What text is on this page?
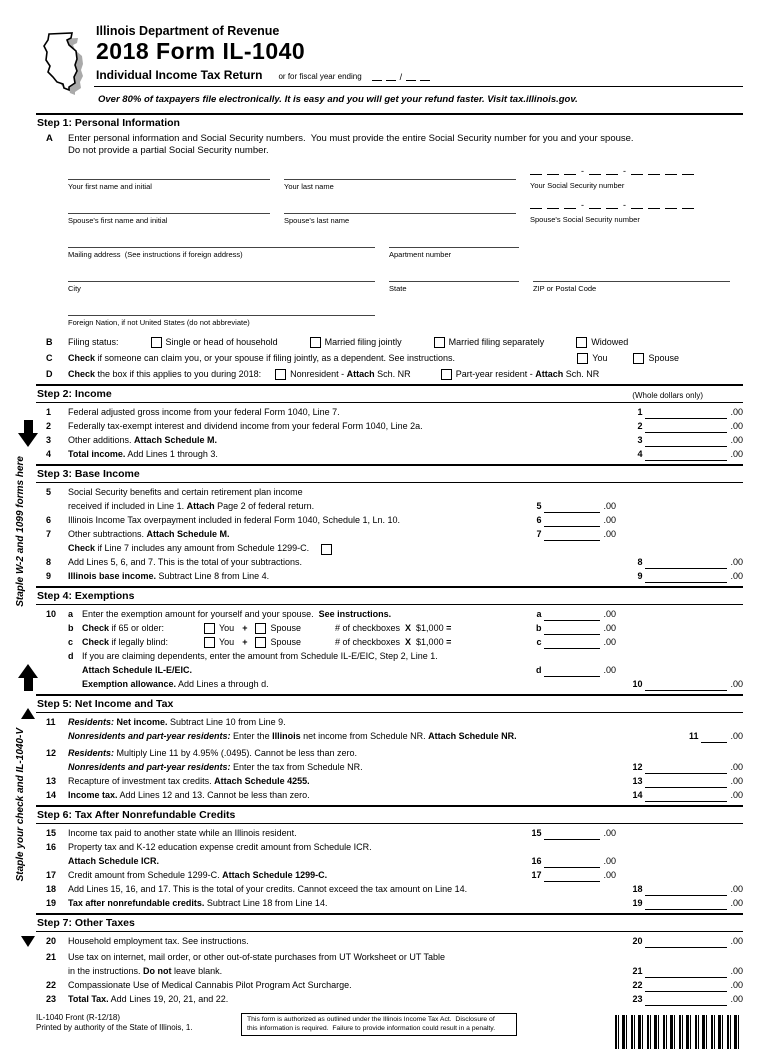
Staple W-2 and 1099 forms here
Staple your check and IL-1040-V
Illinois Department of Revenue
2018 Form IL-1040
Individual Income Tax Return or for fiscal year ending	/
Over 80% of taxpayers file electronically. It is easy and you will get your refund faster. Visit tax.illinois.gov.
Step 1: Personal Information
A	Enter personal information and Social Security numbers.  You must provide the entire Social Security number for you and your spouse.
Do not provide a partial Social Security number.
Your first name and initial	Your last name
-	-
Your Social Security number
Spouse's first name and initial	Spouse's last name
-	-
Spouse's Social Security number
Mailing address  (See instructions if foreign address)	Apartment number
City	State	ZIP or Postal Code
Foreign Nation, if not United States (do not abbreviate)
B	Filing status:	Single or head of household	Married filing jointly	Married filing separately	Widowed
C	Check if someone can claim you, or your spouse if filing jointly, as a dependent. See instructions.	You	Spouse
D	Check the box if this applies to you during 2018:	Nonresident - Attach Sch. NR	Part-year resident - Attach Sch. NR
Step 2: Income	(Whole dollars only)
1	Federal adjusted gross income from your federal Form 1040, Line 7.	1	.00
2	Federally tax-exempt interest and dividend income from your federal Form 1040, Line 2a.	2	.00
3	Other additions. Attach Schedule M.	3	.00
4	Total income. Add Lines 1 through 3.	4	.00
Step 3: Base Income
5	Social Security benefits and certain retirement plan income
received if included in Line 1. Attach Page 2 of federal return.	5	.00
6	Illinois Income Tax overpayment included in federal Form 1040, Schedule 1, Ln. 10.	6	.00
7	Other subtractions. Attach Schedule M.	7	.00
Check if Line 7 includes any amount from Schedule 1299-C.
8	Add Lines 5, 6, and 7. This is the total of your subtractions.	8	.00
9	Illinois base income. Subtract Line 8 from Line 4.	9	.00
Step 4: Exemptions
10	a Enter the exemption amount for yourself and your spouse.  See instructions.	a	.00
b Check if 65 or older:	You +	Spouse	# of checkboxes  X  $1,000 =	b	.00
c Check if legally blind:	You +	Spouse	# of checkboxes  X  $1,000 =	c	.00
d If you are claiming dependents, enter the amount from Schedule IL-E/EIC, Step 2, Line 1.
Attach Schedule IL-E/EIC.	d	.00
Exemption allowance. Add Lines a through d.	10	.00
Step 5: Net Income and Tax
11	Residents: Net income. Subtract Line 10 from Line 9.
Nonresidents and part-year residents: Enter the Illinois net income from Schedule NR. Attach Schedule NR.	11	.00
12	Residents: Multiply Line 11 by 4.95% (.0495). Cannot be less than zero.
Nonresidents and part-year residents: Enter the tax from Schedule NR.	12	.00
13	Recapture of investment tax credits. Attach Schedule 4255.	13	.00
14	Income tax. Add Lines 12 and 13. Cannot be less than zero.	14	.00
Step 6: Tax After Nonrefundable Credits
15	Income tax paid to another state while an Illinois resident.	15	.00
16	Property tax and K-12 education expense credit amount from Schedule ICR.
Attach Schedule ICR.	16	.00
17	Credit amount from Schedule 1299-C. Attach Schedule 1299-C.	17	.00
18	Add Lines 15, 16, and 17. This is the total of your credits. Cannot exceed the tax amount on Line 14.	18	.00
19	Tax after nonrefundable credits. Subtract Line 18 from Line 14.	19	.00
Step 7: Other Taxes
20	Household employment tax. See instructions.	20	.00
21	Use tax on internet, mail order, or other out-of-state purchases from UT Worksheet or UT Table
in the instructions. Do not leave blank.	21	.00
22	Compassionate Use of Medical Cannabis Pilot Program Act Surcharge.	22	.00
23	Total Tax. Add Lines 19, 20, 21, and 22.	23	.00
IL-1040 Front (R-12/18)
Printed by authority of the State of Illinois, 1.
This form is authorized as outlined under the Illinois Income Tax Act.  Disclosure of
this information is required.  Failure to provide information could result in a penalty.
